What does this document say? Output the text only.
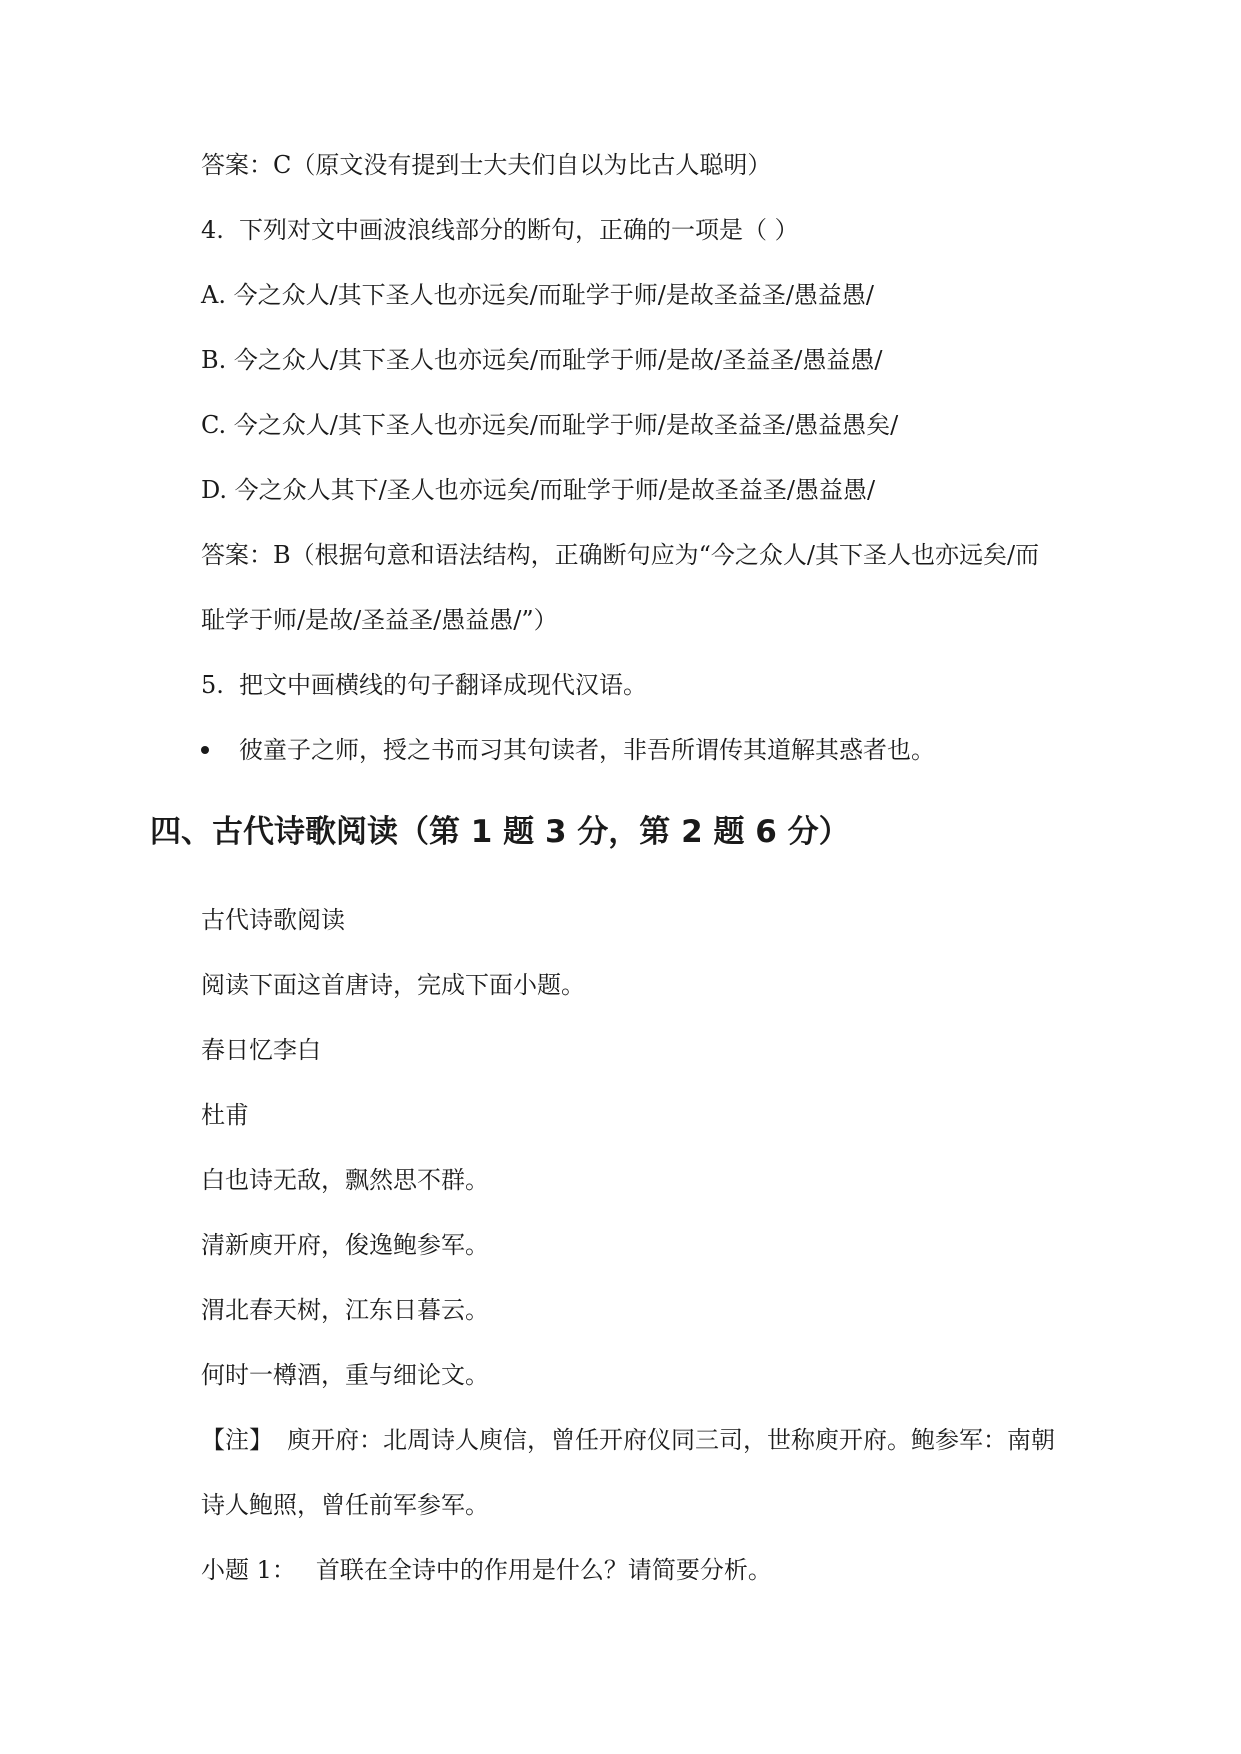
答案：C（原文没有提到士大夫们自以为比古人聪明）
4. 下列对文中画波浪线部分的断句，正确的一项是（ ）
A. 今之众人/其下圣人也亦远矣/而耻学于师/是故圣益圣/愚益愚/
B. 今之众人/其下圣人也亦远矣/而耻学于师/是故/圣益圣/愚益愚/
C. 今之众人/其下圣人也亦远矣/而耻学于师/是故圣益圣/愚益愚矣/
D. 今之众人其下/圣人也亦远矣/而耻学于师/是故圣益圣/愚益愚/
答案：B（根据句意和语法结构，正确断句应为“今之众人/其下圣人也亦远矣/而
耻学于师/是故/圣益圣/愚益愚/”）
5. 把文中画横线的句子翻译成现代汉语。
彼童子之师，授之书而习其句读者，非吾所谓传其道解其惑者也。
四、古代诗歌阅读（第 1 题 3 分，第 2 题 6 分）
古代诗歌阅读
阅读下面这首唐诗，完成下面小题。
春日忆李白
杜甫
白也诗无敌，飘然思不群。
清新庾开府，俊逸鲍参军。
渭北春天树，江东日暮云。
何时一樽酒，重与细论文。
【注】 庾开府：北周诗人庾信，曾任开府仪同三司，世称庾开府。鲍参军：南朝
诗人鲍照，曾任前军参军。
小题 1： 首联在全诗中的作用是什么？请简要分析。
